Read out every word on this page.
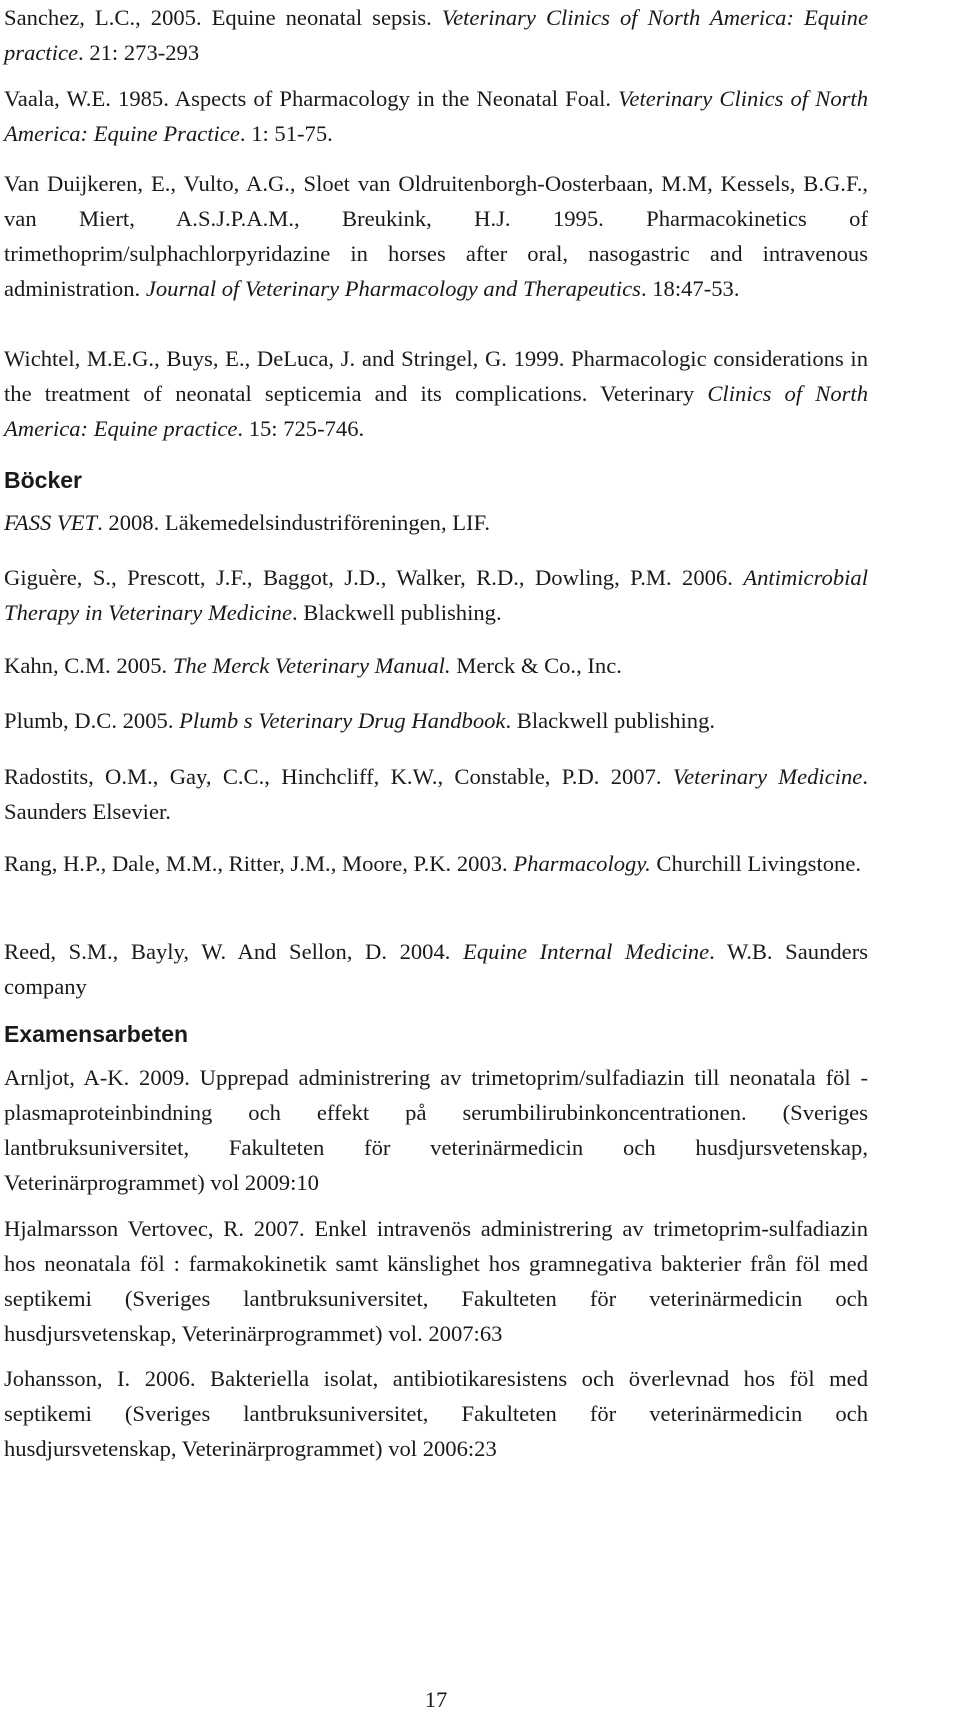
Sanchez, L.C., 2005. Equine neonatal sepsis. Veterinary Clinics of North America: Equine practice. 21: 273-293

Vaala, W.E. 1985. Aspects of Pharmacology in the Neonatal Foal. Veterinary Clinics of North America: Equine Practice. 1: 51-75.

Van Duijkeren, E., Vulto, A.G., Sloet van Oldruitenborgh-Oosterbaan, M.M, Kessels, B.G.F., van Miert, A.S.J.P.A.M., Breukink, H.J. 1995. Pharmacokinetics of trimethoprim/sulphachlorpyridazine in horses after oral, nasogastric and intravenous administration. Journal of Veterinary Pharmacology and Therapeutics. 18:47-53.

Wichtel, M.E.G., Buys, E., DeLuca, J. and Stringel, G. 1999. Pharmacologic considerations in the treatment of neonatal septicemia and its complications. Veterinary Clinics of North America: Equine practice. 15: 725-746.

Böcker

FASS VET. 2008. Läkemedelsindustriföreningen, LIF.

Giguère, S., Prescott, J.F., Baggot, J.D., Walker, R.D., Dowling, P.M. 2006. Antimicrobial Therapy in Veterinary Medicine. Blackwell publishing.

Kahn, C.M. 2005. The Merck Veterinary Manual. Merck & Co., Inc.

Plumb, D.C. 2005. Plumb s Veterinary Drug Handbook. Blackwell publishing.

Radostits, O.M., Gay, C.C., Hinchcliff, K.W., Constable, P.D. 2007. Veterinary Medicine. Saunders Elsevier.

Rang, H.P., Dale, M.M., Ritter, J.M., Moore, P.K. 2003. Pharmacology. Churchill Livingstone.

Reed, S.M., Bayly, W. And Sellon, D. 2004. Equine Internal Medicine. W.B. Saunders company

Examensarbeten

Arnljot, A-K. 2009. Upprepad administrering av trimetoprim/sulfadiazin till neonatala föl -plasmaproteinbindning och effekt på serumbilirubinkoncentrationen. (Sveriges lantbruksuniversitet, Fakulteten för veterinärmedicin och husdjursvetenskap, Veterinärprogrammet) vol 2009:10

Hjalmarsson Vertovec, R. 2007. Enkel intravenös administrering av trimetoprim-sulfadiazin hos neonatala föl : farmakokinetik samt känslighet hos gramnegativa bakterier från föl med septikemi (Sveriges lantbruksuniversitet, Fakulteten för veterinärmedicin och husdjursvetenskap, Veterinärprogrammet) vol. 2007:63

Johansson, I. 2006. Bakteriella isolat, antibiotikaresistens och överlevnad hos föl med septikemi (Sveriges lantbruksuniversitet, Fakulteten för veterinärmedicin och husdjursvetenskap, Veterinärprogrammet) vol 2006:23

17
